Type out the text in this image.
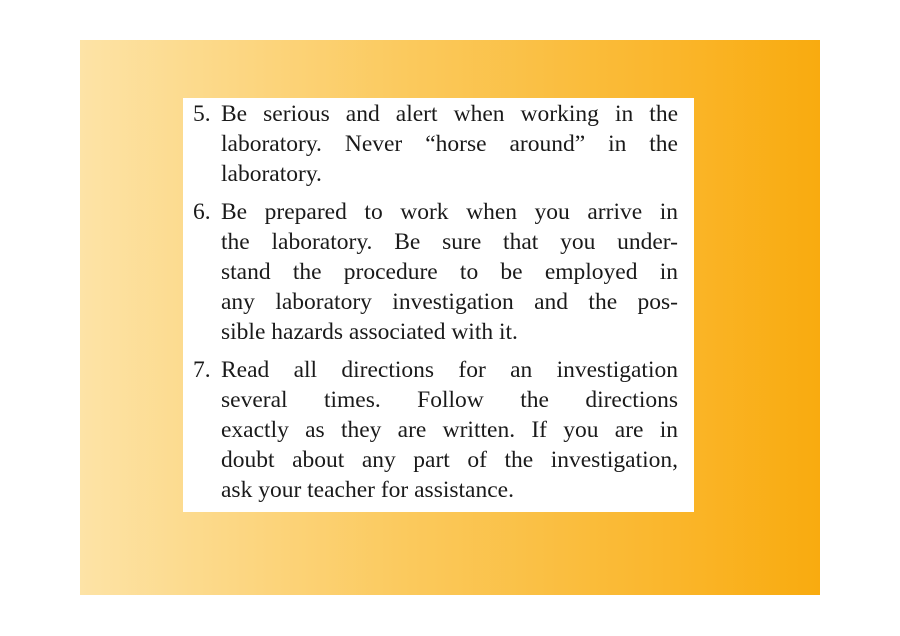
5. Be serious and alert when working in the
laboratory. Never “horse around” in the
laboratory.
6. Be prepared to work when you arrive in
the laboratory. Be sure that you under-
stand the procedure to be employed in
any laboratory investigation and the pos-
sible hazards associated with it.
7. Read all directions for an investigation
several times. Follow the directions
exactly as they are written. If you are in
doubt about any part of the investigation,
ask your teacher for assistance.
